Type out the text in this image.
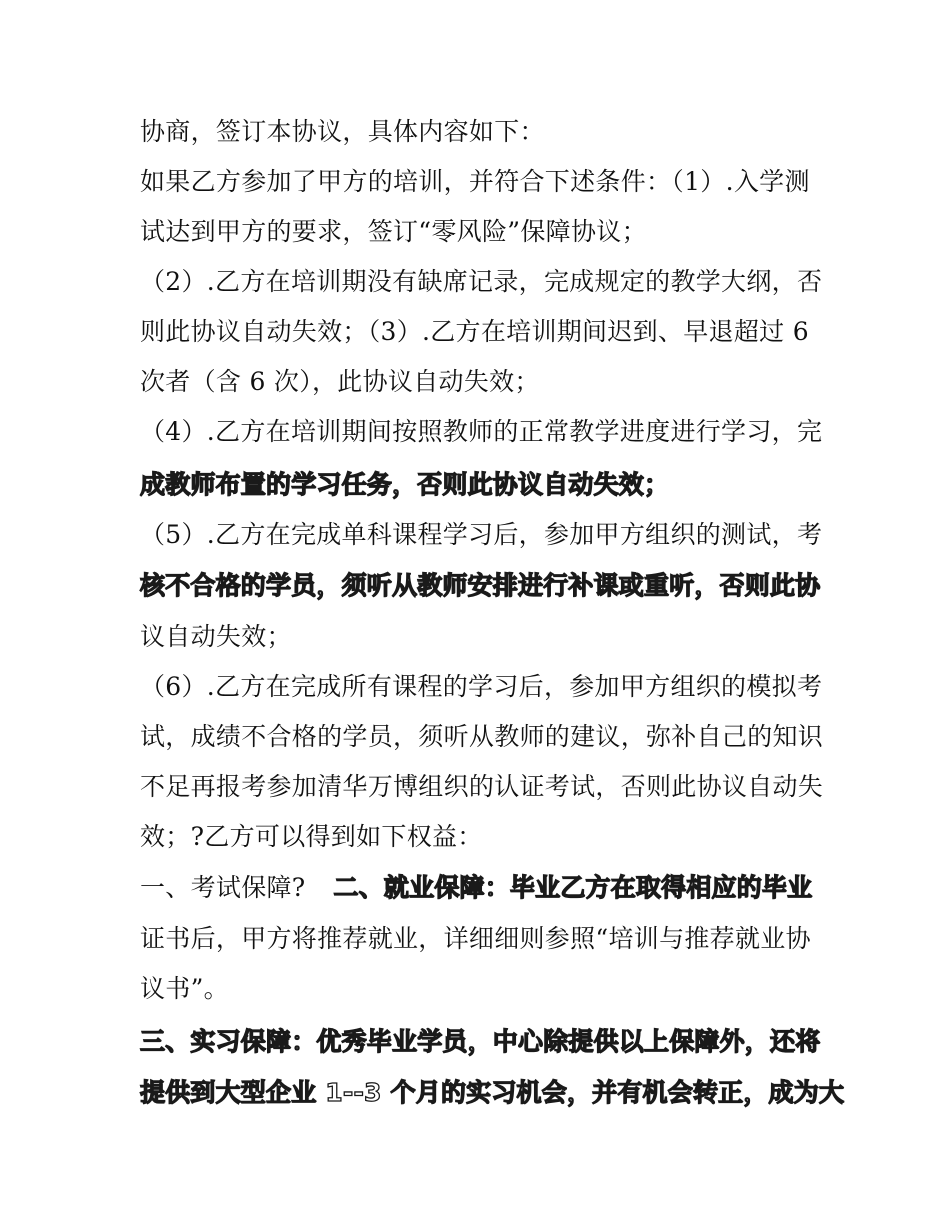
协商，签订本协议，具体内容如下：
如果乙方参加了甲方的培训，并符合下述条件：（1）.入学测
试达到甲方的要求，签订“零风险”保障协议；
（2）.乙方在培训期没有缺席记录，完成规定的教学大纲，否
则此协议自动失效；（3）.乙方在培训期间迟到、早退超过 6
次者（含 6 次），此协议自动失效；
（4）.乙方在培训期间按照教师的正常教学进度进行学习，完
成教师布置的学习任务，否则此协议自动失效；
（5）.乙方在完成单科课程学习后，参加甲方组织的测试，考
核不合格的学员，须听从教师安排进行补课或重听，否则此协
议自动失效；
（6）.乙方在完成所有课程的学习后，参加甲方组织的模拟考
试，成绩不合格的学员，须听从教师的建议，弥补自己的知识
不足再报考参加清华万博组织的认证考试，否则此协议自动失
效；?乙方可以得到如下权益：
一、考试保障? 二、就业保障：毕业乙方在取得相应的毕业
证书后，甲方将推荐就业，详细细则参照“培训与推荐就业协
议书”。
三、实习保障：优秀毕业学员，中心除提供以上保障外，还将
提供到大型企业 1--3 个月的实习机会，并有机会转正，成为大
